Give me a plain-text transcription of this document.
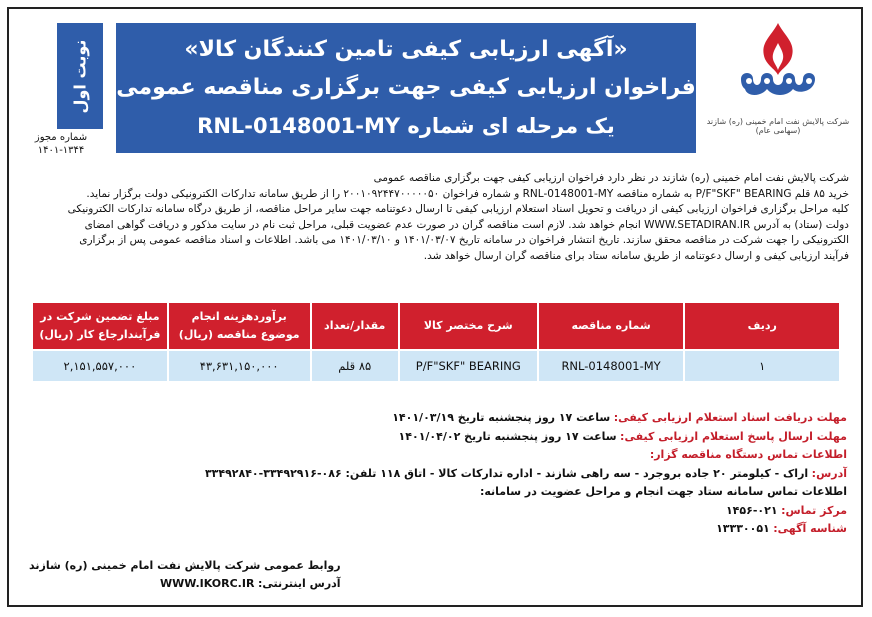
شرکت پالایش نفت امام خمینی (ره) شازند (سهامی عام)
«آگهی ارزیابی کیفی تامین کنندگان کالا»
فراخوان ارزیابی کیفی جهت برگزاری مناقصه عمومی
یک مرحله ای شماره RNL-0148001-MY
نوبت اول
شماره مجوز
۱۴۰۱-۱۳۴۴

شرکت پالایش نفت امام خمینی (ره) شازند در نظر دارد فراخوان ارزیابی کیفی جهت برگزاری مناقصه عمومی

خرید ۸۵ قلم P/F"SKF" BEARING به شماره مناقصه RNL-0148001-MY و شماره فراخوان ۲۰۰۱۰۹۲۴۴۷۰۰۰۰۰۵۰ را از طریق سامانه تدارکات الکترونیکی دولت برگزار نماید.

کلیه مراحل برگزاری فراخوان ارزیابی کیفی از دریافت و تحویل اسناد استعلام ارزیابی کیفی تا ارسال دعوتنامه جهت سایر مراحل مناقصه، از طریق درگاه سامانه تدارکات الکترونیکی

دولت (ستاد) به آدرس WWW.SETADIRAN.IR انجام خواهد شد. لازم است مناقصه گران در صورت عدم عضویت قبلی، مراحل ثبت نام در سایت مذکور و دریافت گواهی امضای

الکترونیکی را جهت شرکت در مناقصه محقق سازند. تاریخ انتشار فراخوان در سامانه تاریخ ۱۴۰۱/۰۳/۰۷ و ۱۴۰۱/۰۳/۱۰ می باشد. اطلاعات و اسناد مناقصه عمومی پس از برگزاری

فرآیند ارزیابی کیفی و ارسال دعوتنامه از طریق سامانه ستاد برای مناقصه گران ارسال خواهد شد.

ردیف	شماره مناقصه	شرح مختصر کالا	مقدار/تعداد	برآوردهزینه انجام موضوع مناقصه (ریال)	مبلغ تضمین شرکت در فرآیندارجاع کار (ریال)
۱	RNL-0148001-MY	P/F"SKF" BEARING	۸۵ قلم	۴۳,۶۳۱,۱۵۰,۰۰۰	۲,۱۵۱,۵۵۷,۰۰۰
مهلت دریافت اسناد استعلام ارزیابی کیفی: ساعت ۱۷ روز پنجشنبه تاریخ ۱۴۰۱/۰۳/۱۹
مهلت ارسال پاسخ استعلام ارزیابی کیفی: ساعت ۱۷ روز پنجشنبه تاریخ ۱۴۰۱/۰۴/۰۲
اطلاعات تماس دستگاه مناقصه گزار:
آدرس: اراک - کیلومتر ۲۰ جاده بروجرد - سه راهی شازند - اداره تدارکات کالا - اتاق ۱۱۸ تلفن: ۰۸۶-۳۳۴۹۲۹۱۶-۳۳۴۹۲۸۴۰
اطلاعات تماس سامانه ستاد جهت انجام و مراحل عضویت در سامانه:
مرکز تماس: ۰۲۱-۱۴۵۶
شناسه آگهی: ۱۳۳۳۰۰۵۱
روابط عمومی شرکت پالایش نفت امام خمینی (ره) شازند
آدرس اینترنتی: WWW.IKORC.IR
